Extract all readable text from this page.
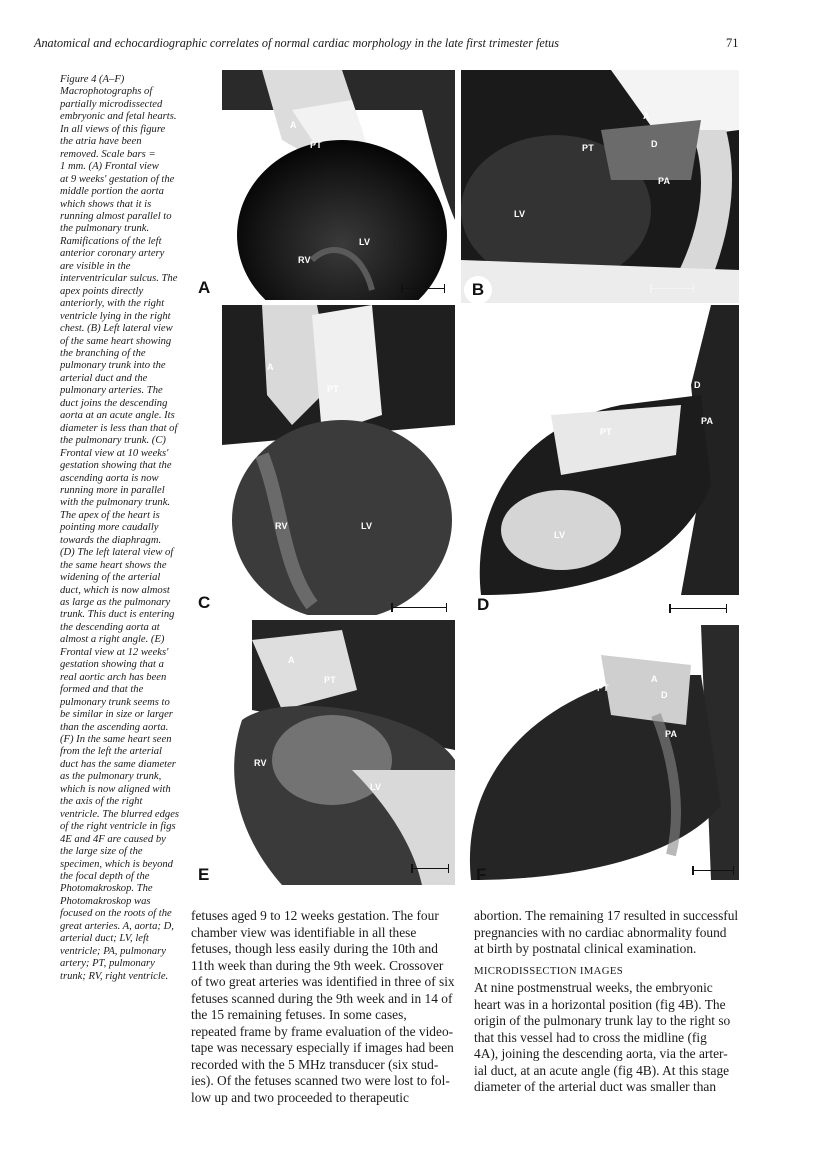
Anatomical and echocardiographic correlates of normal cardiac morphology in the late first trimester fetus	71
Figure 4 (A–F)
Macrophotographs of
partially microdissected
embryonic and fetal hearts.
In all views of this figure
the atria have been
removed. Scale bars =
1 mm. (A) Frontal view
at 9 weeks' gestation of the
middle portion the aorta
which shows that it is
running almost parallel to
the pulmonary trunk.
Ramifications of the left
anterior coronary artery
are visible in the
interventricular sulcus. The
apex points directly
anteriorly, with the right
ventricle lying in the right
chest. (B) Left lateral view
of the same heart showing
the branching of the
pulmonary trunk into the
arterial duct and the
pulmonary arteries. The
duct joins the descending
aorta at an acute angle. Its
diameter is less than that of
the pulmonary trunk. (C)
Frontal view at 10 weeks'
gestation showing that the
ascending aorta is now
running more in parallel
with the pulmonary trunk.
The apex of the heart is
pointing more caudally
towards the diaphragm.
(D) The left lateral view of
the same heart shows the
widening of the arterial
duct, which is now almost
as large as the pulmonary
trunk. This duct is entering
the descending aorta at
almost a right angle. (E)
Frontal view at 12 weeks'
gestation showing that a
real aortic arch has been
formed and that the
pulmonary trunk seems to
be similar in size or larger
than the ascending aorta.
(F) In the same heart seen
from the left the arterial
duct has the same diameter
as the pulmonary trunk,
which is now aligned with
the axis of the right
ventricle. The blurred edges
of the right ventricle in figs
4E and 4F are caused by
the large size of the
specimen, which is beyond
the focal depth of the
Photomakroskop. The
Photomakroskop was
focused on the roots of the
great arteries. A, aorta; D,
arterial duct; LV, left
ventricle; PA, pulmonary
artery; PT, pulmonary
trunk; RV, right ventricle.
A
PT
LV
RV
A
A
PT	D
PA
LV
B
A
PT
RV	LV
C
A
D
PT
PA
LV
D
A
PT
RV
LV
E
A
PT
D
PA
F
fetuses aged 9 to 12 weeks gestation. The four
chamber view was identifiable in all these
fetuses, though less easily during the 10th and
11th week than during the 9th week. Crossover
of two great arteries was identified in three of six
fetuses scanned during the 9th week and in 14 of
the 15 remaining fetuses. In some cases,
repeated frame by frame evaluation of the video-
tape was necessary especially if images had been
recorded with the 5 MHz transducer (six stud-
ies). Of the fetuses scanned two were lost to fol-
low up and two proceeded to therapeutic
abortion. The remaining 17 resulted in successful
pregnancies with no cardiac abnormality found
at birth by postnatal clinical examination.
MICRODISSECTION IMAGES
At nine postmenstrual weeks, the embryonic
heart was in a horizontal position (fig 4B). The
origin of the pulmonary trunk lay to the right so
that this vessel had to cross the midline (fig
4A), joining the descending aorta, via the arter-
ial duct, at an acute angle (fig 4B). At this stage
diameter of the arterial duct was smaller than
